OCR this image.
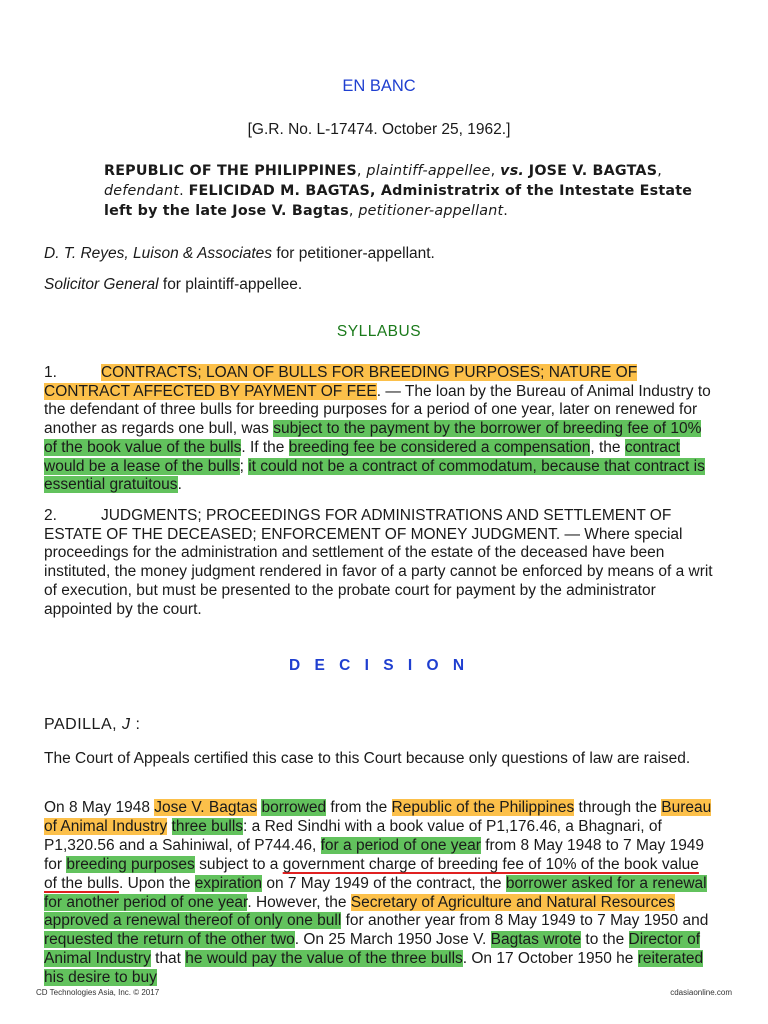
EN BANC
[G.R. No. L-17474. October 25, 1962.]
REPUBLIC OF THE PHILIPPINES, plaintiff-appellee, vs. JOSE V. BAGTAS, defendant. FELICIDAD M. BAGTAS, Administratrix of the Intestate Estate left by the late Jose V. Bagtas, petitioner-appellant.
D. T. Reyes, Luison & Associates for petitioner-appellant.
Solicitor General for plaintiff-appellee.
SYLLABUS
1.	CONTRACTS; LOAN OF BULLS FOR BREEDING PURPOSES; NATURE OF CONTRACT AFFECTED BY PAYMENT OF FEE. — The loan by the Bureau of Animal Industry to the defendant of three bulls for breeding purposes for a period of one year, later on renewed for another as regards one bull, was subject to the payment by the borrower of breeding fee of 10% of the book value of the bulls. If the breeding fee be considered a compensation, the contract would be a lease of the bulls; it could not be a contract of commodatum, because that contract is essential gratuitous.
2.	JUDGMENTS; PROCEEDINGS FOR ADMINISTRATIONS AND SETTLEMENT OF ESTATE OF THE DECEASED; ENFORCEMENT OF MONEY JUDGMENT. — Where special proceedings for the administration and settlement of the estate of the deceased have been instituted, the money judgment rendered in favor of a party cannot be enforced by means of a writ of execution, but must be presented to the probate court for payment by the administrator appointed by the court.
D E C I S I O N
PADILLA, J :
The Court of Appeals certified this case to this Court because only questions of law are raised.
On 8 May 1948 Jose V. Bagtas borrowed from the Republic of the Philippines through the Bureau of Animal Industry three bulls: a Red Sindhi with a book value of P1,176.46, a Bhagnari, of P1,320.56 and a Sahiniwal, of P744.46, for a period of one year from 8 May 1948 to 7 May 1949 for breeding purposes subject to a government charge of breeding fee of 10% of the book value of the bulls. Upon the expiration on 7 May 1949 of the contract, the borrower asked for a renewal for another period of one year. However, the Secretary of Agriculture and Natural Resources approved a renewal thereof of only one bull for another year from 8 May 1949 to 7 May 1950 and requested the return of the other two. On 25 March 1950 Jose V. Bagtas wrote to the Director of Animal Industry that he would pay the value of the three bulls. On 17 October 1950 he reiterated his desire to buy
CD Technologies Asia, Inc. © 2017	cdasiaonline.com
